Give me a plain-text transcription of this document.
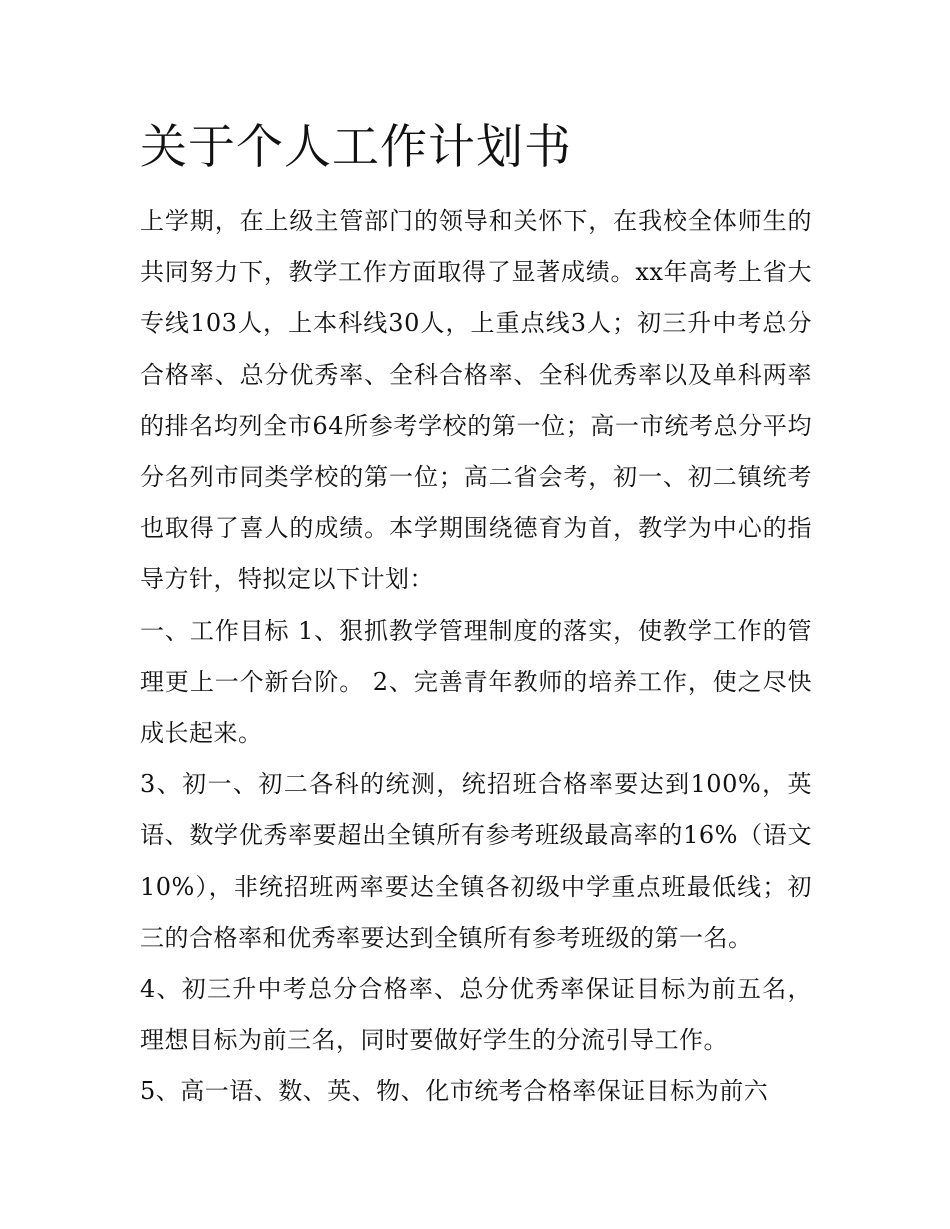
关于个人工作计划书

上学期，在上级主管部门的领导和关怀下，在我校全体师生的共同努力下，教学工作方面取得了显著成绩。xx年高考上省大专线103人，上本科线30人，上重点线3人；初三升中考总分合格率、总分优秀率、全科合格率、全科优秀率以及单科两率的排名均列全市64所参考学校的第一位；高一市统考总分平均分名列市同类学校的第一位；高二省会考，初一、初二镇统考也取得了喜人的成绩。本学期围绕德育为首，教学为中心的指导方针，特拟定以下计划：

一、工作目标 1、狠抓教学管理制度的落实，使教学工作的管理更上一个新台阶。 2、完善青年教师的培养工作，使之尽快成长起来。

3、初一、初二各科的统测，统招班合格率要达到100%，英语、数学优秀率要超出全镇所有参考班级最高率的16%（语文10%），非统招班两率要达全镇各初级中学重点班最低线；初三的合格率和优秀率要达到全镇所有参考班级的第一名。

4、初三升中考总分合格率、总分优秀率保证目标为前五名，理想目标为前三名，同时要做好学生的分流引导工作。

5、高一语、数、英、物、化市统考合格率保证目标为前六
